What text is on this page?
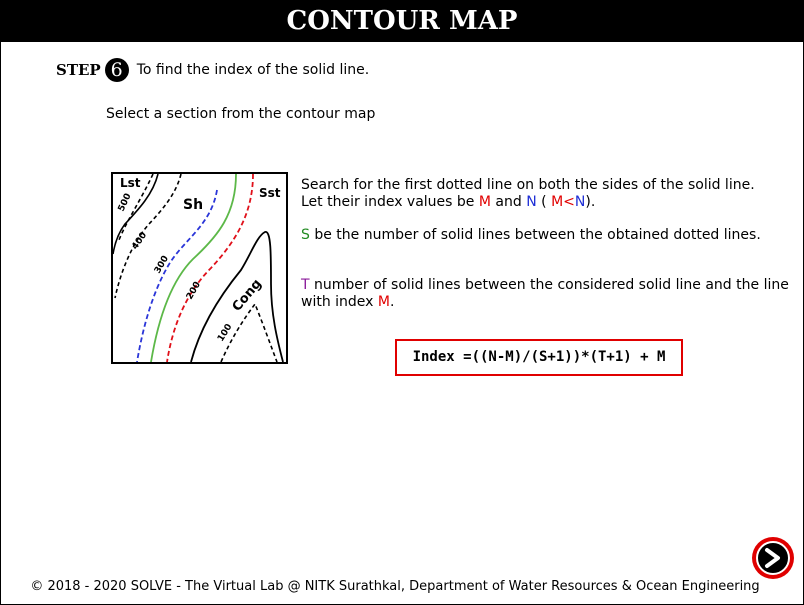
CONTOUR MAP
STEP 6 To find the index of the solid line.
Select a section from the contour map
Lst
Sh
Sst
Cong
500
400
300
200
100
Search for the first dotted line on both the sides of the solid line.
Let their index values be M and N ( M<N).
S be the number of solid lines between the obtained dotted lines.
T number of solid lines between the considered solid line and the line with index M.
Index =((N-M)/(S+1))*(T+1) + M
© 2018 - 2020 SOLVE - The Virtual Lab @ NITK Surathkal, Department of Water Resources & Ocean Engineering
